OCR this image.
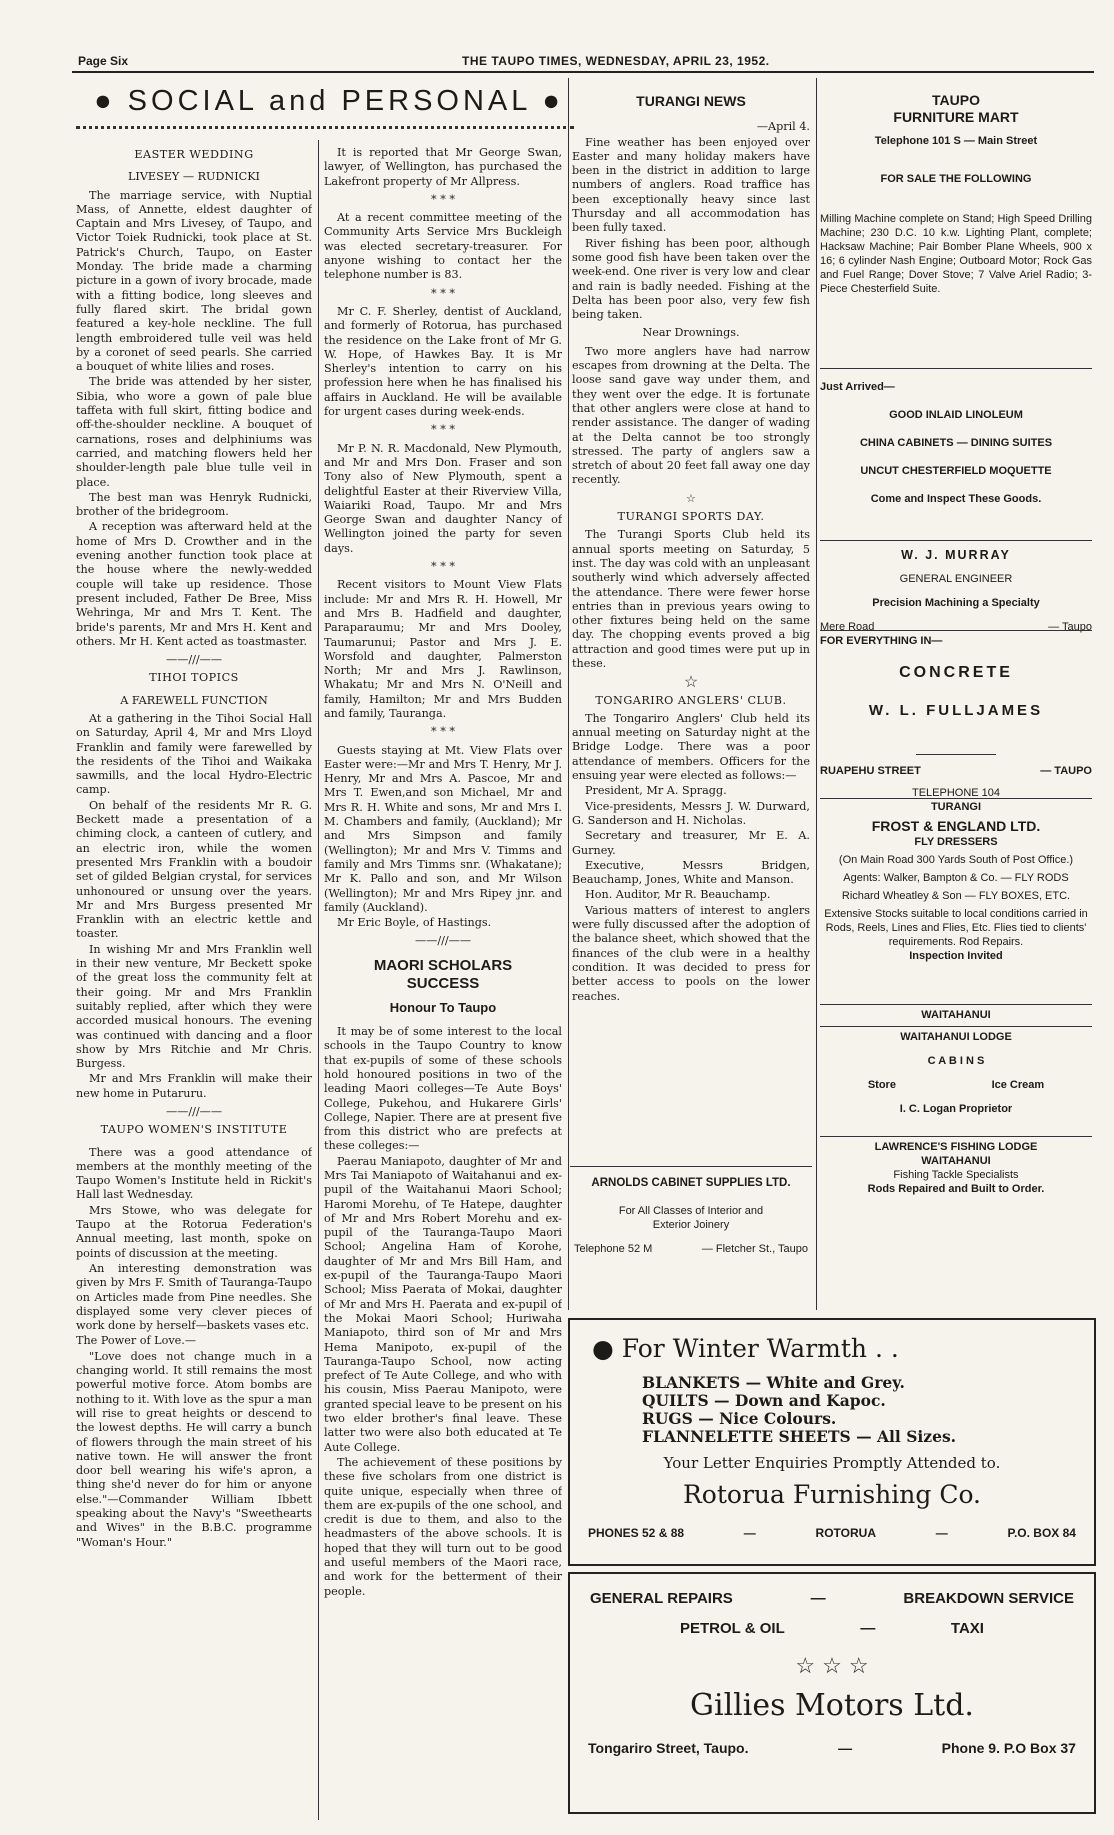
Page Six	THE TAUPO TIMES, WEDNESDAY, APRIL 23, 1952.
● SOCIAL and PERSONAL ●

EASTER WEDDING

LIVESEY — RUDNICKI

The marriage service, with Nuptial Mass, of Annette, eldest daughter of Captain and Mrs Livesey, of Taupo, and Victor Toiek Rudnicki, took place at St. Patrick's Church, Taupo, on Easter Monday. The bride made a charming picture in a gown of ivory brocade, made with a fitting bodice, long sleeves and fully flared skirt. The bridal gown featured a key-hole neckline. The full length embroidered tulle veil was held by a coronet of seed pearls. She carried a bouquet of white lilies and roses.

The bride was attended by her sister, Sibia, who wore a gown of pale blue taffeta with full skirt, fitting bodice and off-the-shoulder neckline. A bouquet of carnations, roses and delphiniums was carried, and matching flowers held her shoulder-length pale blue tulle veil in place.

The best man was Henryk Rudnicki, brother of the bridegroom.

A reception was afterward held at the home of Mrs D. Crowther and in the evening another function took place at the house where the newly-wedded couple will take up residence. Those present included, Father De Bree, Miss Wehringa, Mr and Mrs T. Kent. The bride's parents, Mr and Mrs H. Kent and others. Mr H. Kent acted as toastmaster.

——///——

TIHOI TOPICS

A FAREWELL FUNCTION

At a gathering in the Tihoi Social Hall on Saturday, April 4, Mr and Mrs Lloyd Franklin and family were farewelled by the residents of the Tihoi and Waikaka sawmills, and the local Hydro-Electric camp.

On behalf of the residents Mr R. G. Beckett made a presentation of a chiming clock, a canteen of cutlery, and an electric iron, while the women presented Mrs Franklin with a boudoir set of gilded Belgian crystal, for services unhonoured or unsung over the years. Mr and Mrs Burgess presented Mr Franklin with an electric kettle and toaster.

In wishing Mr and Mrs Franklin well in their new venture, Mr Beckett spoke of the great loss the community felt at their going. Mr and Mrs Franklin suitably replied, after which they were accorded musical honours. The evening was continued with dancing and a floor show by Mrs Ritchie and Mr Chris. Burgess.

Mr and Mrs Franklin will make their new home in Putaruru.

——///——

TAUPO WOMEN'S INSTITUTE

There was a good attendance of members at the monthly meeting of the Taupo Women's Institute held in Rickit's Hall last Wednesday.

Mrs Stowe, who was delegate for Taupo at the Rotorua Federation's Annual meeting, last month, spoke on points of discussion at the meeting.

An interesting demonstration was given by Mrs F. Smith of Tauranga-Taupo on Articles made from Pine needles. She displayed some very clever pieces of work done by herself—baskets vases etc.

The Power of Love.—

"Love does not change much in a changing world. It still remains the most powerful motive force. Atom bombs are nothing to it. With love as the spur a man will rise to great heights or descend to the lowest depths. He will carry a bunch of flowers through the main street of his native town. He will answer the front door bell wearing his wife's apron, a thing she'd never do for him or anyone else."—Commander William Ibbett speaking about the Navy's "Sweethearts and Wives" in the B.B.C. programme "Woman's Hour."

It is reported that Mr George Swan, lawyer, of Wellington, has purchased the Lakefront property of Mr Allpress.

* * *

At a recent committee meeting of the Community Arts Service Mrs Buckleigh was elected secretary-treasurer. For anyone wishing to contact her the telephone number is 83.

* * *

Mr C. F. Sherley, dentist of Auckland, and formerly of Rotorua, has purchased the residence on the Lake front of Mr G. W. Hope, of Hawkes Bay. It is Mr Sherley's intention to carry on his profession here when he has finalised his affairs in Auckland. He will be available for urgent cases during week-ends.

* * *

Mr P. N. R. Macdonald, New Plymouth, and Mr and Mrs Don. Fraser and son Tony also of New Plymouth, spent a delightful Easter at their Riverview Villa, Waiariki Road, Taupo. Mr and Mrs George Swan and daughter Nancy of Wellington joined the party for seven days.

* * *

Recent visitors to Mount View Flats include: Mr and Mrs R. H. Howell, Mr and Mrs B. Hadfield and daughter, Paraparaumu; Mr and Mrs Dooley, Taumarunui; Pastor and Mrs J. E. Worsfold and daughter, Palmerston North; Mr and Mrs J. Rawlinson, Whakatu; Mr and Mrs N. O'Neill and family, Hamilton; Mr and Mrs Budden and family, Tauranga.

* * *

Guests staying at Mt. View Flats over Easter were:—Mr and Mrs T. Henry, Mr J. Henry, Mr and Mrs A. Pascoe, Mr and Mrs T. Ewen,and son Michael, Mr and Mrs R. H. White and sons, Mr and Mrs I. M. Chambers and family, (Auckland); Mr and Mrs Simpson and family (Wellington); Mr and Mrs V. Timms and family and Mrs Timms snr. (Whakatane); Mr K. Pallo and son, and Mr Wilson (Wellington); Mr and Mrs Ripey jnr. and family (Auckland).

Mr Eric Boyle, of Hastings.

——///——

MAORI SCHOLARS SUCCESS

Honour To Taupo

It may be of some interest to the local schools in the Taupo Country to know that ex-pupils of some of these schools hold honoured positions in two of the leading Maori colleges—Te Aute Boys' College, Pukehou, and Hukarere Girls' College, Napier. There are at present five from this district who are prefects at these colleges:—

Paerau Maniapoto, daughter of Mr and Mrs Tai Maniapoto of Waitahanui and ex-pupil of the Waitahanui Maori School; Haromi Morehu, of Te Hatepe, daughter of Mr and Mrs Robert Morehu and ex-pupil of the Tauranga-Taupo Maori School; Angelina Ham of Korohe, daughter of Mr and Mrs Bill Ham, and ex-pupil of the Tauranga-Taupo Maori School; Miss Paerata of Mokai, daughter of Mr and Mrs H. Paerata and ex-pupil of the Mokai Maori School; Huriwaha Maniapoto, third son of Mr and Mrs Hema Manipoto, ex-pupil of the Tauranga-Taupo School, now acting prefect of Te Aute College, and who with his cousin, Miss Paerau Manipoto, were granted special leave to be present on his two elder brother's final leave. These latter two were also both educated at Te Aute College.

The achievement of these positions by these five scholars from one district is quite unique, especially when three of them are ex-pupils of the one school, and credit is due to them, and also to the headmasters of the above schools. It is hoped that they will turn out to be good and useful members of the Maori race, and work for the betterment of their people.

TURANGI NEWS

—April 4.

Fine weather has been enjoyed over Easter and many holiday makers have been in the district in addition to large numbers of anglers. Road traffice has been exceptionally heavy since last Thursday and all accommodation has been fully taxed.

River fishing has been poor, although some good fish have been taken over the week-end. One river is very low and clear and rain is badly needed. Fishing at the Delta has been poor also, very few fish being taken.

Near Drownings.

Two more anglers have had narrow escapes from drowning at the Delta. The loose sand gave way under them, and they went over the edge. It is fortunate that other anglers were close at hand to render assistance. The danger of wading at the Delta cannot be too strongly stressed. The party of anglers saw a stretch of about 20 feet fall away one day recently.

☆

TURANGI SPORTS DAY.

The Turangi Sports Club held its annual sports meeting on Saturday, 5 inst. The day was cold with an unpleasant southerly wind which adversely affected the attendance. There were fewer horse entries than in previous years owing to other fixtures being held on the same day. The chopping events proved a big attraction and good times were put up in these.

☆

TONGARIRO ANGLERS' CLUB.

The Tongariro Anglers' Club held its annual meeting on Saturday night at the Bridge Lodge. There was a poor attendance of members. Officers for the ensuing year were elected as follows:—

President, Mr A. Spragg.

Vice-presidents, Messrs J. W. Durward, G. Sanderson and H. Nicholas.

Secretary and treasurer, Mr E. A. Gurney.

Executive, Messrs Bridgen, Beauchamp, Jones, White and Manson.

Hon. Auditor, Mr R. Beauchamp.

Various matters of interest to anglers were fully discussed after the adoption of the balance sheet, which showed that the finances of the club were in a healthy condition. It was decided to press for better access to pools on the lower reaches.

ARNOLDS CABINET SUPPLIES LTD.
For All Classes of Interior and Exterior Joinery
Telephone 52 M	— Fletcher St., Taupo
TAUPO
FURNITURE MART
Telephone 101 S — Main Street
FOR SALE THE FOLLOWING
Milling Machine complete on Stand; High Speed Drilling Machine; 230 D.C. 10 k.w. Lighting Plant, complete; Hacksaw Machine; Pair Bomber Plane Wheels, 900 x 16; 6 cylinder Nash Engine; Outboard Motor; Rock Gas and Fuel Range; Dover Stove; 7 Valve Ariel Radio; 3-Piece Chesterfield Suite.
Just Arrived—
GOOD INLAID LINOLEUM
CHINA CABINETS — DINING SUITES
UNCUT CHESTERFIELD MOQUETTE
Come and Inspect These Goods.
W. J. MURRAY
GENERAL ENGINEER
Precision Machining a Specialty
Mere Road	— Taupo
FOR EVERYTHING IN—
CONCRETE
W. L. FULLJAMES
RUAPEHU STREET	— TAUPO
TELEPHONE 104
TURANGI
FROST & ENGLAND LTD.
FLY DRESSERS
(On Main Road 300 Yards South of Post Office.)
Agents: Walker, Bampton & Co. — FLY RODS
Richard Wheatley & Son — FLY BOXES, ETC.
Extensive Stocks suitable to local conditions carried in Rods, Reels, Lines and Flies, Etc. Flies tied to clients' requirements. Rod Repairs.
Inspection Invited
WAITAHANUI
WAITAHANUI LODGE
C A B I N S
Store	Ice Cream
I. C. Logan Proprietor
LAWRENCE'S FISHING LODGE
WAITAHANUI
Fishing Tackle Specialists
Rods Repaired and Built to Order.
● For Winter Warmth . .
BLANKETS — White and Grey.
QUILTS — Down and Kapoc.
RUGS — Nice Colours.
FLANNELETTE SHEETS — All Sizes.
Your Letter Enquiries Promptly Attended to.
Rotorua Furnishing Co.
PHONES 52 & 88	—	ROTORUA	—	P.O. BOX 84
GENERAL REPAIRS	—	BREAKDOWN SERVICE
PETROL & OIL	—	TAXI
☆ ☆ ☆
Gillies Motors Ltd.
Tongariro Street, Taupo.	—	Phone 9. P.O Box 37
